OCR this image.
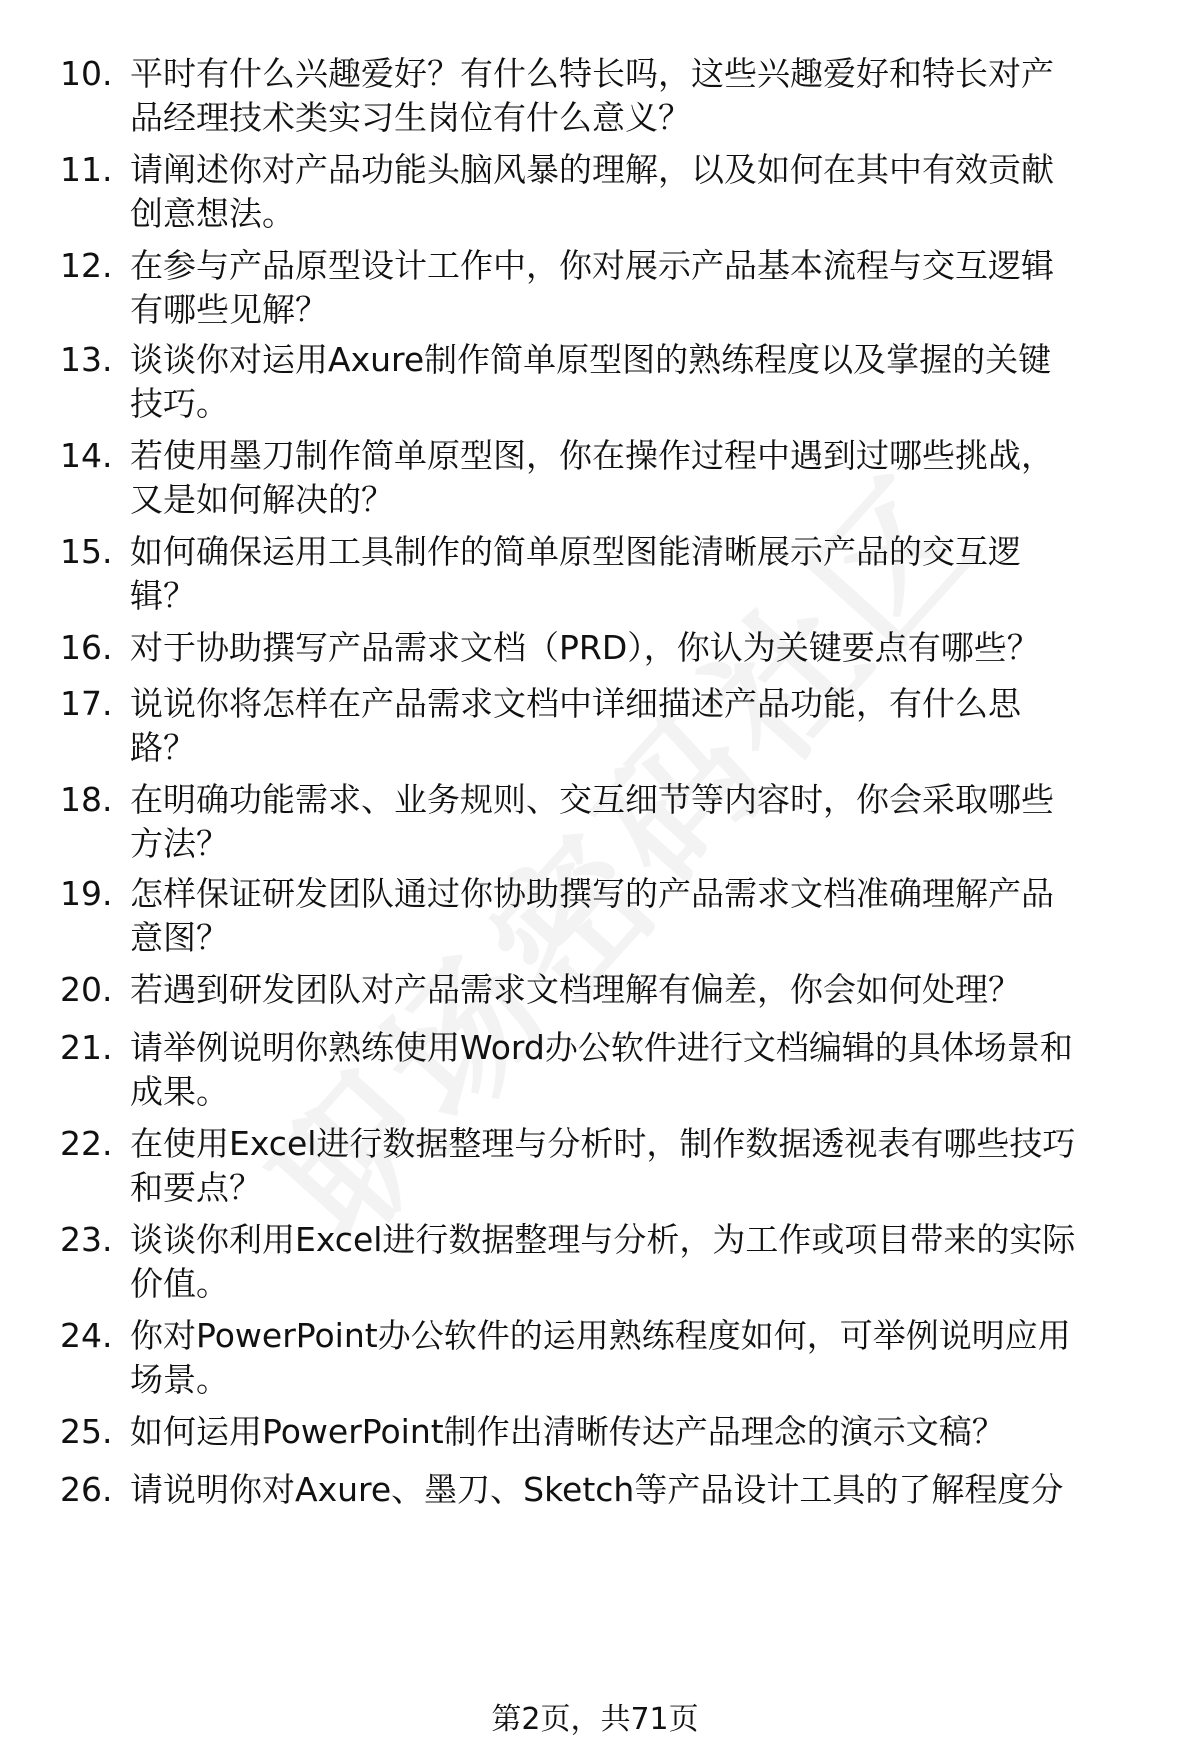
10. 平时有什么兴趣爱好？有什么特长吗，这些兴趣爱好和特长对产
品经理技术类实习生岗位有什么意义？
11. 请阐述你对产品功能头脑风暴的理解，以及如何在其中有效贡献
创意想法。
12. 在参与产品原型设计工作中，你对展示产品基本流程与交互逻辑
有哪些见解？
13. 谈谈你对运用Axure制作简单原型图的熟练程度以及掌握的关键
技巧。
14. 若使用墨刀制作简单原型图，你在操作过程中遇到过哪些挑战，
又是如何解决的？
15. 如何确保运用工具制作的简单原型图能清晰展示产品的交互逻
辑？
16. 对于协助撰写产品需求文档（PRD），你认为关键要点有哪些？
17. 说说你将怎样在产品需求文档中详细描述产品功能，有什么思
路？
18. 在明确功能需求、业务规则、交互细节等内容时，你会采取哪些
方法？
19. 怎样保证研发团队通过你协助撰写的产品需求文档准确理解产品
意图？
20. 若遇到研发团队对产品需求文档理解有偏差，你会如何处理？
21. 请举例说明你熟练使用Word办公软件进行文档编辑的具体场景和
成果。
22. 在使用Excel进行数据整理与分析时，制作数据透视表有哪些技巧
和要点？
23. 谈谈你利用Excel进行数据整理与分析，为工作或项目带来的实际
价值。
24. 你对PowerPoint办公软件的运用熟练程度如何，可举例说明应用
场景。
25. 如何运用PowerPoint制作出清晰传达产品理念的演示文稿？
26. 请说明你对Axure、墨刀、Sketch等产品设计工具的了解程度分
第2页，共71页
